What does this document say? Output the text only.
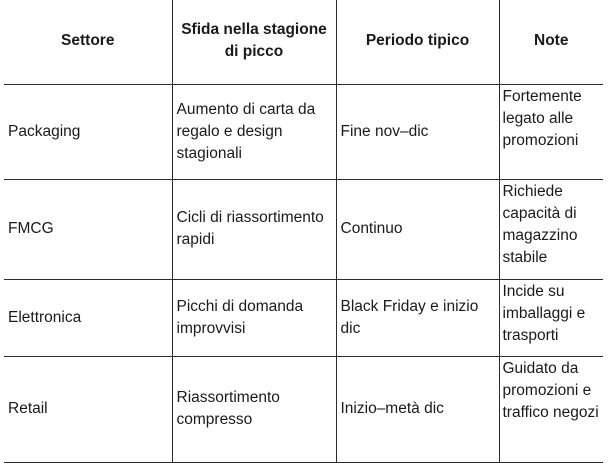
Settore	Sfida nella stagione di picco	Periodo tipico	Note
Packaging	Aumento di carta da regalo e design stagionali	Fine nov–dic	Fortemente legato alle promozioni
FMCG	Cicli di riassortimento rapidi	Continuo	Richiede capacità di magazzino stabile
Elettronica	Picchi di domanda improvvisi	Black Friday e inizio dic	Incide su imballaggi e trasporti
Retail	Riassortimento compresso	Inizio–metà dic	Guidato da promozioni e traffico negozi
